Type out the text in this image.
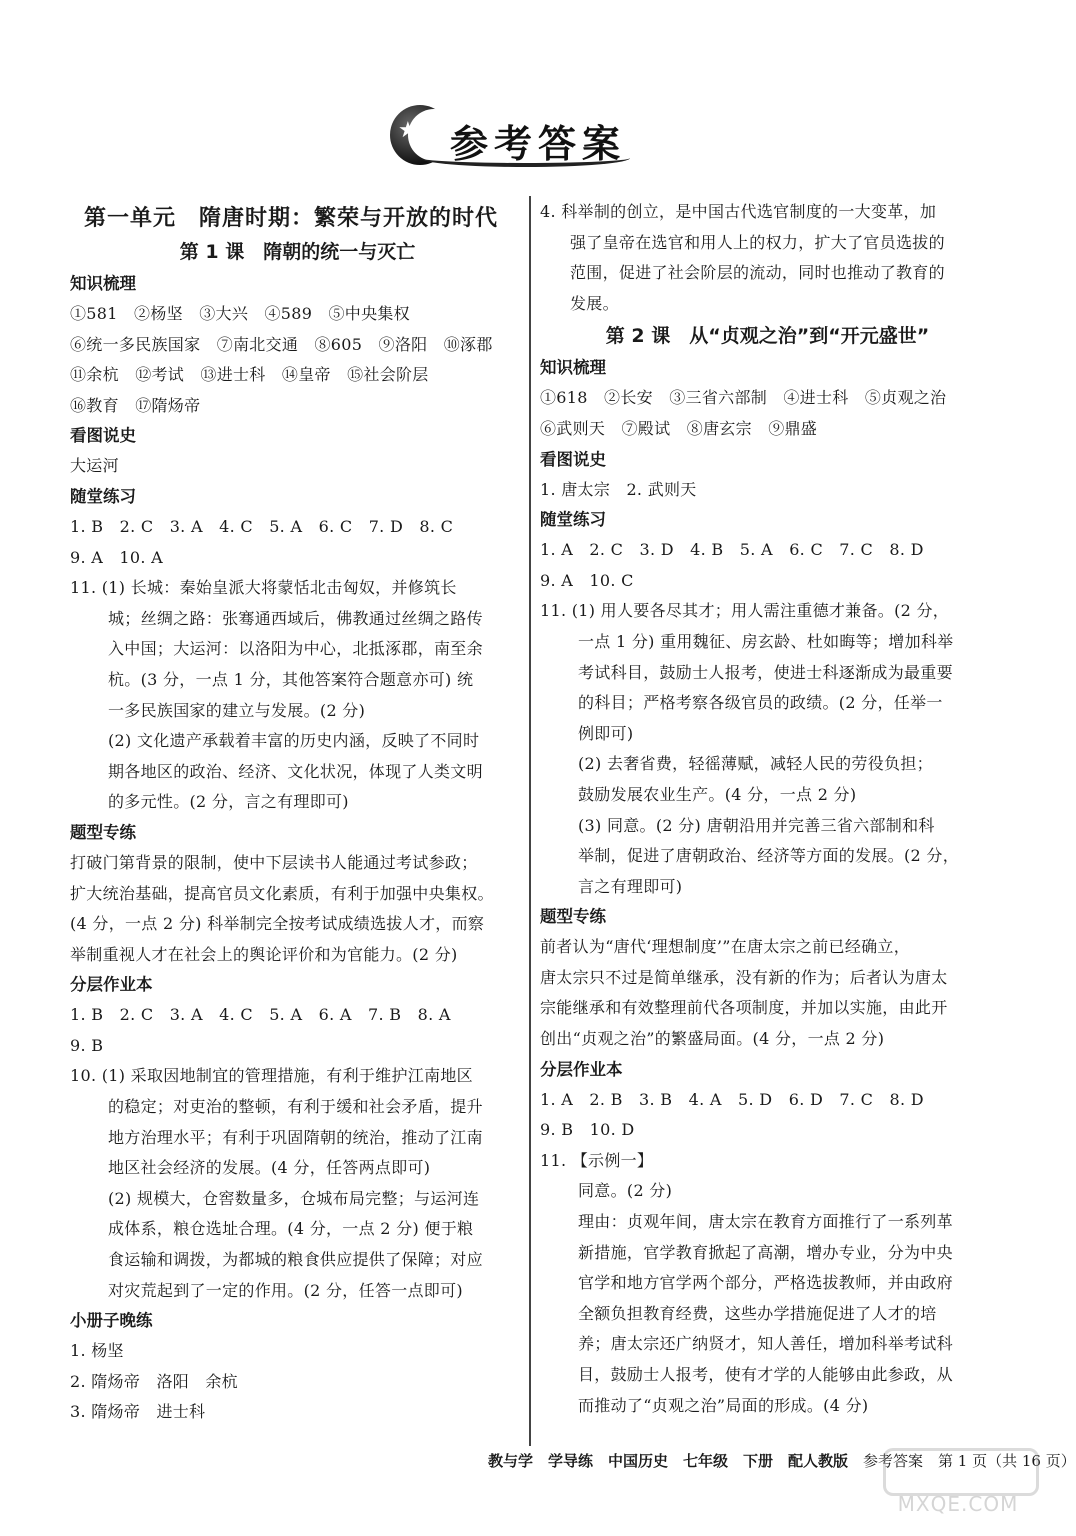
★ 参考答案
第一单元　隋唐时期：繁荣与开放的时代
第 1 课　隋朝的统一与灭亡
知识梳理
①581　②杨坚　③大兴　④589　⑤中央集权
⑥统一多民族国家　⑦南北交通　⑧605　⑨洛阳　⑩涿郡
⑪余杭　⑫考试　⑬进士科　⑭皇帝　⑮社会阶层
⑯教育　⑰隋炀帝
看图说史
大运河
随堂练习
1. B　2. C　3. A　4. C　5. A　6. C　7. D　8. C
9. A　10. A
11. (1) 长城：秦始皇派大将蒙恬北击匈奴，并修筑长
城；丝绸之路：张骞通西域后，佛教通过丝绸之路传
入中国；大运河：以洛阳为中心，北抵涿郡，南至余
杭。(3 分，一点 1 分，其他答案符合题意亦可) 统
一多民族国家的建立与发展。(2 分)
(2) 文化遗产承载着丰富的历史内涵，反映了不同时
期各地区的政治、经济、文化状况，体现了人类文明
的多元性。(2 分，言之有理即可)
题型专练
打破门第背景的限制，使中下层读书人能通过考试参政；
扩大统治基础，提高官员文化素质，有利于加强中央集权。
(4 分，一点 2 分) 科举制完全按考试成绩选拔人才，而察
举制重视人才在社会上的舆论评价和为官能力。(2 分)
分层作业本
1. B　2. C　3. A　4. C　5. A　6. A　7. B　8. A
9. B
10. (1) 采取因地制宜的管理措施，有利于维护江南地区
的稳定；对吏治的整顿，有利于缓和社会矛盾，提升
地方治理水平；有利于巩固隋朝的统治，推动了江南
地区社会经济的发展。(4 分，任答两点即可)
(2) 规模大，仓窖数量多，仓城布局完整；与运河连
成体系，粮仓选址合理。(4 分，一点 2 分) 便于粮
食运输和调拨，为都城的粮食供应提供了保障；对应
对灾荒起到了一定的作用。(2 分，任答一点即可)
小册子晚练
1. 杨坚
2. 隋炀帝　洛阳　余杭
3. 隋炀帝　进士科
4. 科举制的创立，是中国古代选官制度的一大变革，加
强了皇帝在选官和用人上的权力，扩大了官员选拔的
范围，促进了社会阶层的流动，同时也推动了教育的
发展。
第 2 课　从“贞观之治”到“开元盛世”
知识梳理
①618　②长安　③三省六部制　④进士科　⑤贞观之治
⑥武则天　⑦殿试　⑧唐玄宗　⑨鼎盛
看图说史
1. 唐太宗　2. 武则天
随堂练习
1. A　2. C　3. D　4. B　5. A　6. C　7. C　8. D
9. A　10. C
11. (1) 用人要各尽其才；用人需注重德才兼备。(2 分，
一点 1 分) 重用魏征、房玄龄、杜如晦等；增加科举
考试科目，鼓励士人报考，使进士科逐渐成为最重要
的科目；严格考察各级官员的政绩。(2 分，任举一
例即可)
(2) 去奢省费，轻徭薄赋，减轻人民的劳役负担；
鼓励发展农业生产。(4 分，一点 2 分)
(3) 同意。(2 分) 唐朝沿用并完善三省六部制和科
举制，促进了唐朝政治、经济等方面的发展。(2 分，
言之有理即可)
题型专练
前者认为“唐代‘理想制度’”在唐太宗之前已经确立，
唐太宗只不过是简单继承，没有新的作为；后者认为唐太
宗能继承和有效整理前代各项制度，并加以实施，由此开
创出“贞观之治”的繁盛局面。(4 分，一点 2 分)
分层作业本
1. A　2. B　3. B　4. A　5. D　6. D　7. C　8. D
9. B　10. D
11. 【示例一】
同意。(2 分)
理由：贞观年间，唐太宗在教育方面推行了一系列革
新措施，官学教育掀起了高潮，增办专业，分为中央
官学和地方官学两个部分，严格选拔教师，并由政府
全额负担教育经费，这些办学措施促进了人才的培
养；唐太宗还广纳贤才，知人善任，增加科举考试科
目，鼓励士人报考，使有才学的人能够由此参政，从
而推动了“贞观之治”局面的形成。(4 分)
教与学　学导练　中国历史　七年级　下册　配人教版　 参考答案　第 1 页（共 16 页）
MXQE.COM
